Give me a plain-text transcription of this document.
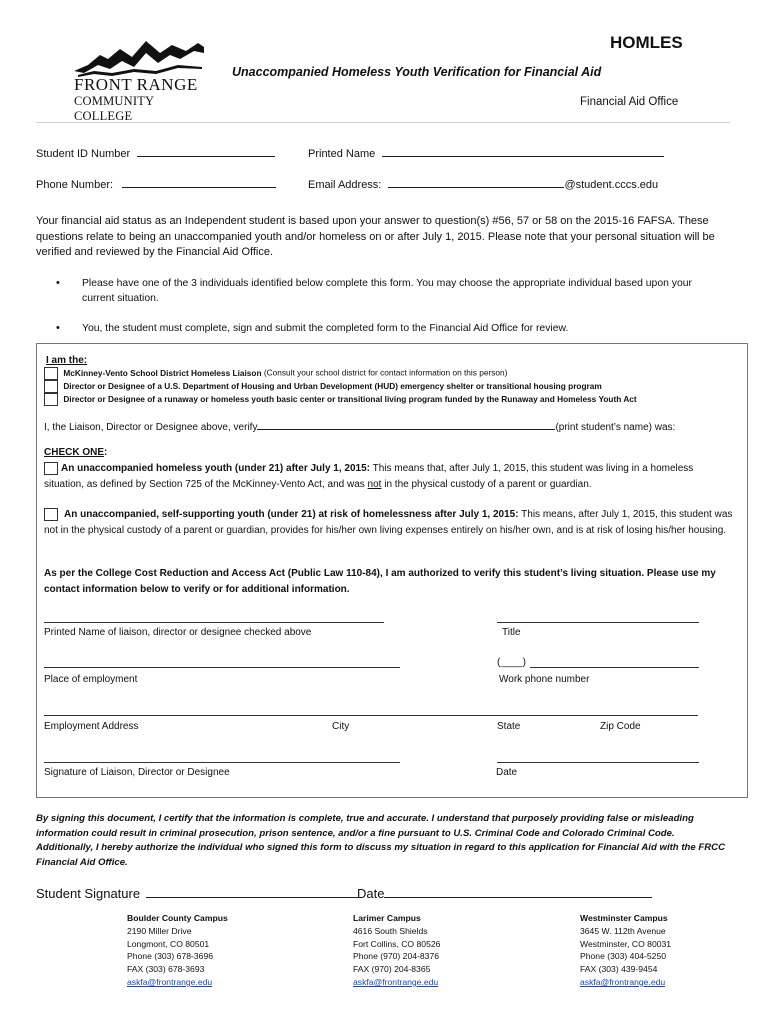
HOMLES
FRONT RANGE
COMMUNITY COLLEGE
Unaccompanied Homeless Youth Verification for Financial Aid
Financial Aid Office
Student ID Number	Printed Name
Phone Number:	Email Address:	@student.cccs.edu
Your financial aid status as an Independent student is based upon your answer to question(s) #56, 57 or 58 on the 2015-16 FAFSA. These questions relate to being an unaccompanied youth and/or homeless on or after July 1, 2015. Please note that your personal situation will be verified and reviewed by the Financial Aid Office.
•	Please have one of the 3 individuals identified below complete this form. You may choose the appropriate individual based upon your current situation.
•	You, the student must complete, sign and submit the completed form to the Financial Aid Office for review.
I am the:
McKinney-Vento School District Homeless Liaison (Consult your school district for contact information on this person)
Director or Designee of a U.S. Department of Housing and Urban Development (HUD) emergency shelter or transitional housing program
Director or Designee of a runaway or homeless youth basic center or transitional living program funded by the Runaway and Homeless Youth Act
I, the Liaison, Director or Designee above, verify	(print student’s name) was:
CHECK ONE:
An unaccompanied homeless youth (under 21) after July 1, 2015: This means that, after July 1, 2015, this student was living in a homeless situation, as defined by Section 725 of the McKinney-Vento Act, and was not in the physical custody of a parent or guardian.
An unaccompanied, self-supporting youth (under 21) at risk of homelessness after July 1, 2015: This means, after July 1, 2015, this student was not in the physical custody of a parent or guardian, provides for his/her own living expenses entirely on his/her own, and is at risk of losing his/her housing.
As per the College Cost Reduction and Access Act (Public Law 110-84), I am authorized to verify this student’s living situation. Please use my contact information below to verify or for additional information.
Printed Name of liaison, director or designee checked above	Title
(____)
Place of employment	Work phone number
Employment Address	City	State	Zip Code
Signature of Liaison, Director or Designee	Date
By signing this document, I certify that the information is complete, true and accurate. I understand that purposely providing false or misleading information could result in criminal prosecution, prison sentence, and/or a fine pursuant to U.S. Criminal Code and Colorado Criminal Code. Additionally, I hereby authorize the individual who signed this form to discuss my situation in regard to this application for Financial Aid with the FRCC Financial Aid Office.
Student Signature	Date
Boulder County Campus
2190 Miller Drive
Longmont, CO 80501
Phone (303) 678-3696
FAX (303) 678-3693
askfa@frontrange.edu
Larimer Campus
4616 South Shields
Fort Collins, CO 80526
Phone (970) 204-8376
FAX (970) 204-8365
askfa@frontrange.edu
Westminster Campus
3645 W. 112th Avenue
Westminster, CO 80031
Phone (303) 404-5250
FAX (303) 439-9454
askfa@frontrange.edu
